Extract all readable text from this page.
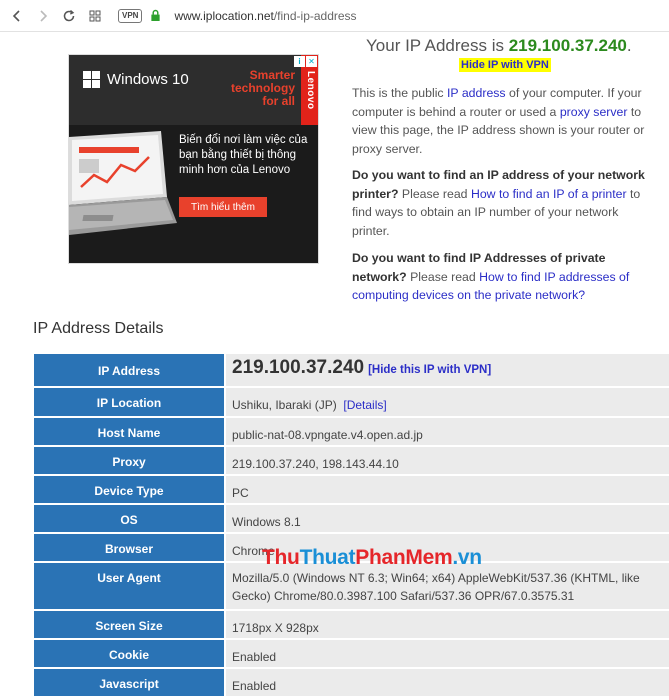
VPN	www.iplocation.net/find-ip-address
Windows 10	Smarter technology for all	Lenovo
Biến đổi nơi làm việc của bạn bằng thiết bị thông minh hơn của Lenovo
Tìm hiểu thêm
i ✕
Your IP Address is 219.100.37.240.
Hide IP with VPN
This is the public IP address of your computer. If your computer is behind a router or used a proxy server to view this page, the IP address shown is your router or proxy server.
Do you want to find an IP address of your network printer? Please read How to find an IP of a printer to find ways to obtain an IP number of your network printer.
Do you want to find IP Addresses of private network? Please read How to find IP addresses of computing devices on the private network?
IP Address Details
IP Address	219.100.37.240 [Hide this IP with VPN]
IP Location	Ushiku, Ibaraki (JP) [Details]
Host Name	public-nat-08.vpngate.v4.open.ad.jp
Proxy	219.100.37.240, 198.143.44.10
Device Type	PC
OS	Windows 8.1
Browser	Chrome
User Agent	Mozilla/5.0 (Windows NT 6.3; Win64; x64) AppleWebKit/537.36 (KHTML, like Gecko) Chrome/80.0.3987.100 Safari/537.36 OPR/67.0.3575.31
Screen Size	1718px X 928px
Cookie	Enabled
Javascript	Enabled
ThuThuatPhanMem.vn
